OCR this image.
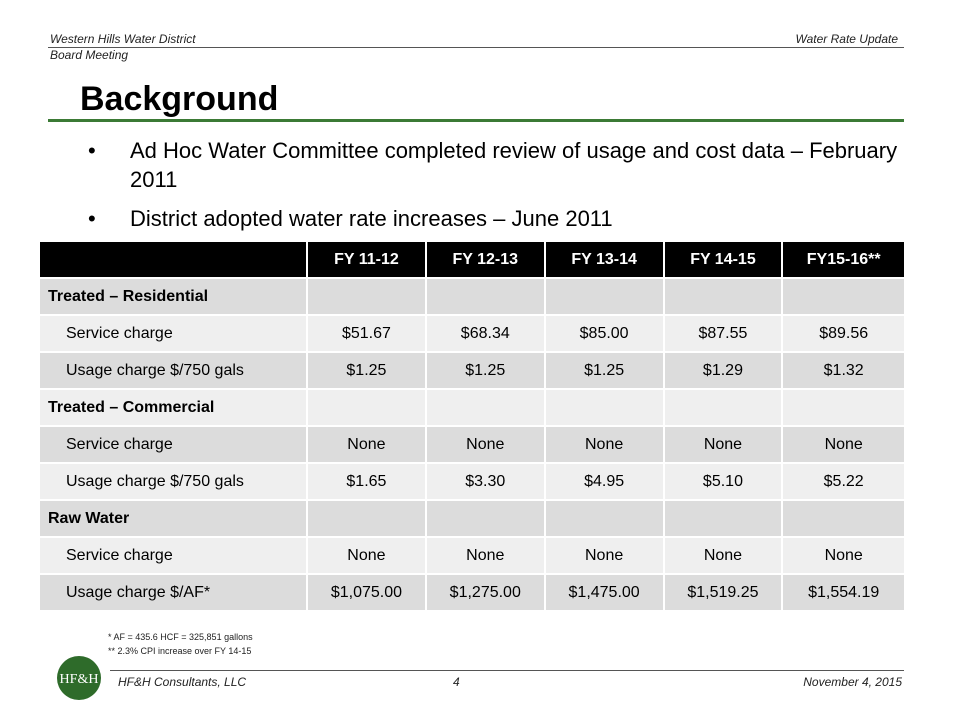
Western Hills Water District	Water Rate Update
Board Meeting
Background
• Ad Hoc Water Committee completed review of usage and cost data – February 2011
• District adopted water rate increases – June 2011
	FY 11-12	FY 12-13	FY 13-14	FY 14-15	FY15-16**
Treated – Residential					
Service charge	$51.67	$68.34	$85.00	$87.55	$89.56
Usage charge $/750 gals	$1.25	$1.25	$1.25	$1.29	$1.32
Treated – Commercial					
Service charge	None	None	None	None	None
Usage charge $/750 gals	$1.65	$3.30	$4.95	$5.10	$5.22
Raw Water					
Service charge	None	None	None	None	None
Usage charge $/AF*	$1,075.00	$1,275.00	$1,475.00	$1,519.25	$1,554.19
* AF = 435.6 HCF = 325,851 gallons
** 2.3% CPI increase over FY 14-15
HF&H HF&H Consultants, LLC	4	November 4, 2015
